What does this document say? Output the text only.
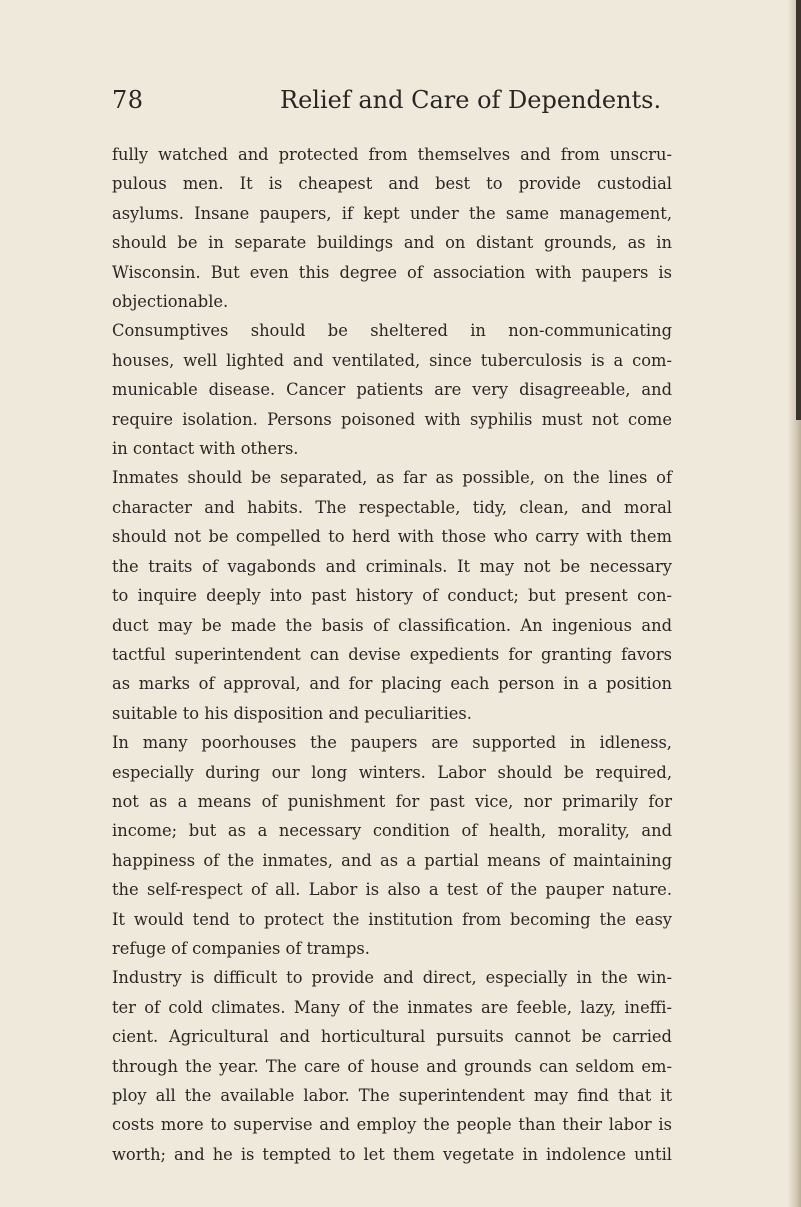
78	Relief and Care of Dependents.
fully watched and protected from themselves and from unscru-
pulous men. It is cheapest and best to provide custodial
asylums. Insane paupers, if kept under the same management,
should be in separate buildings and on distant grounds, as in
Wisconsin. But even this degree of association with paupers is
objectionable.
Consumptives should be sheltered in non-communicating
houses, well lighted and ventilated, since tuberculosis is a com-
municable disease. Cancer patients are very disagreeable, and
require isolation. Persons poisoned with syphilis must not come
in contact with others.
Inmates should be separated, as far as possible, on the lines of
character and habits. The respectable, tidy, clean, and moral
should not be compelled to herd with those who carry with them
the traits of vagabonds and criminals. It may not be necessary
to inquire deeply into past history of conduct; but present con-
duct may be made the basis of classification. An ingenious and
tactful superintendent can devise expedients for granting favors
as marks of approval, and for placing each person in a position
suitable to his disposition and peculiarities.
In many poorhouses the paupers are supported in idleness,
especially during our long winters. Labor should be required,
not as a means of punishment for past vice, nor primarily for
income; but as a necessary condition of health, morality, and
happiness of the inmates, and as a partial means of maintaining
the self-respect of all. Labor is also a test of the pauper nature.
It would tend to protect the institution from becoming the easy
refuge of companies of tramps.
Industry is difficult to provide and direct, especially in the win-
ter of cold climates. Many of the inmates are feeble, lazy, ineffi-
cient. Agricultural and horticultural pursuits cannot be carried
through the year. The care of house and grounds can seldom em-
ploy all the available labor. The superintendent may find that it
costs more to supervise and employ the people than their labor is
worth; and he is tempted to let them vegetate in indolence until
